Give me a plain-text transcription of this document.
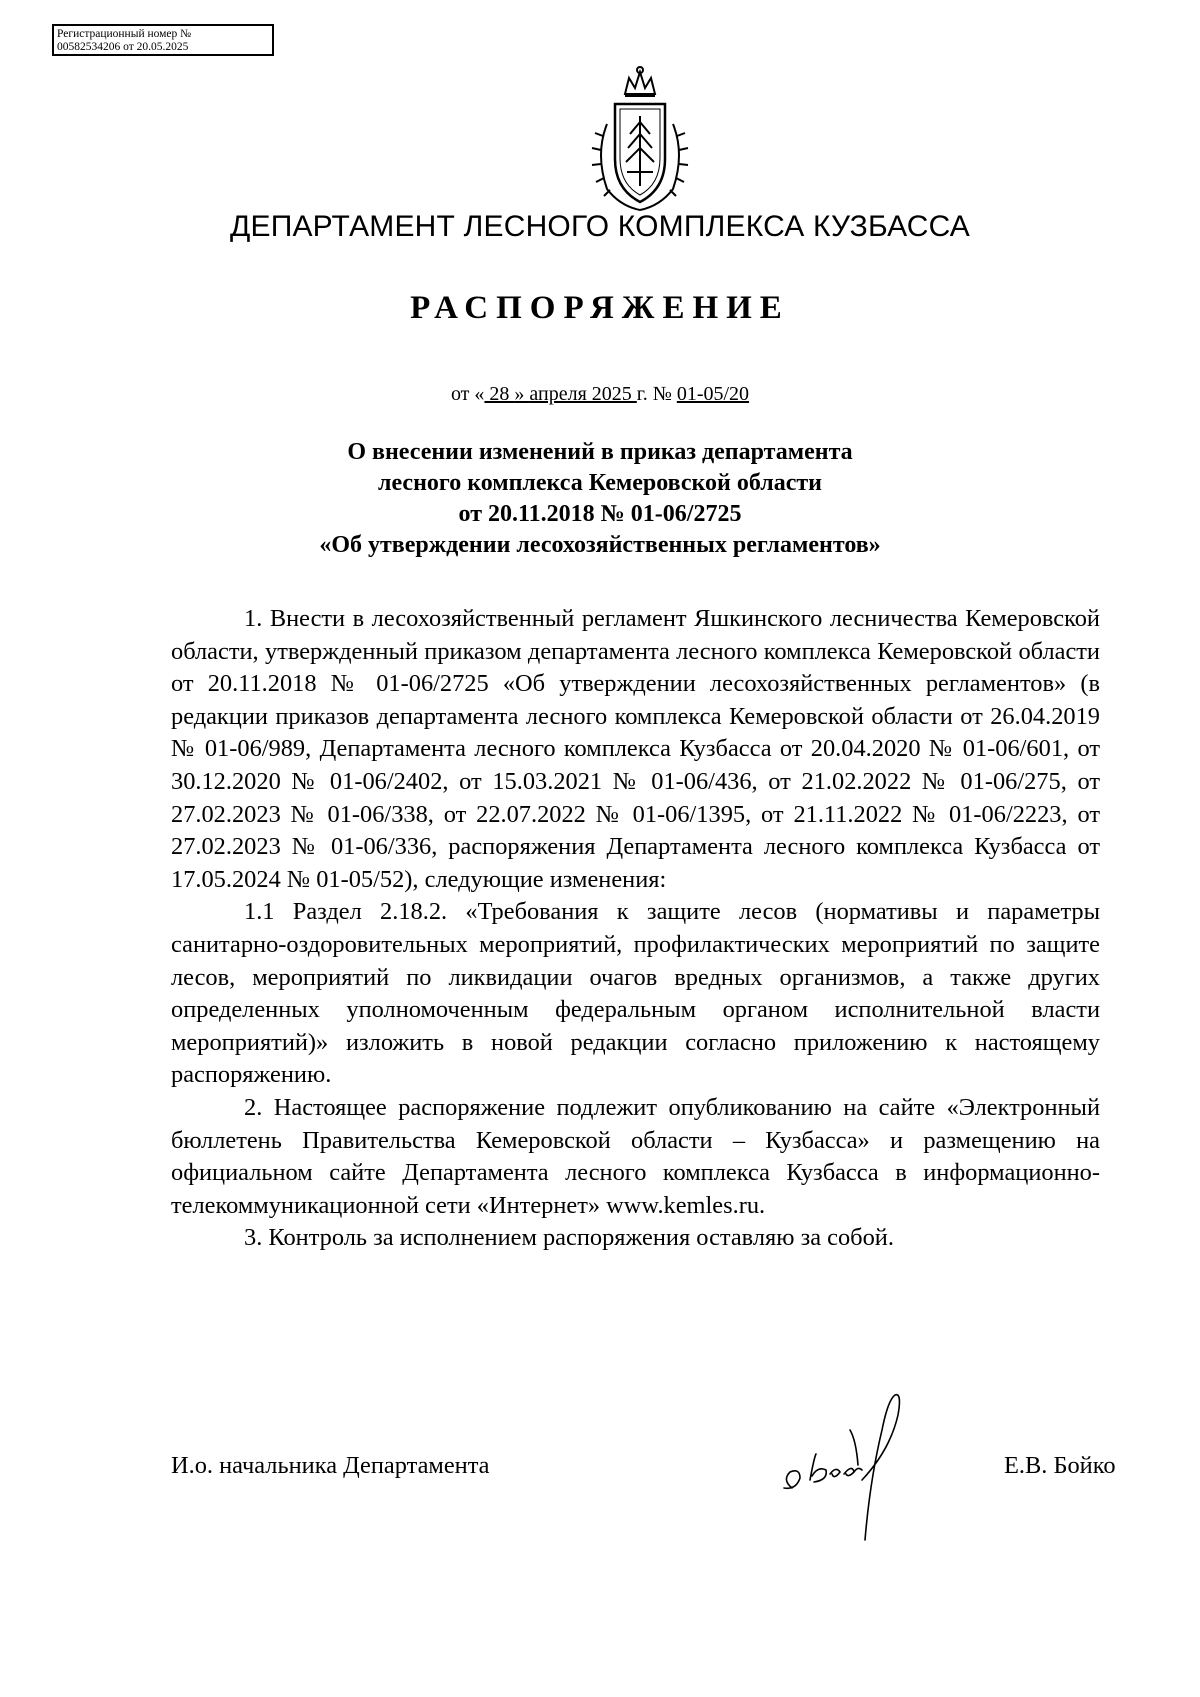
Регистрационный номер №
00582534206 от 20.05.2025
ДЕПАРТАМЕНТ ЛЕСНОГО КОМПЛЕКСА КУЗБАССА
РАСПОРЯЖЕНИЕ
от « 28 » апреля 2025 г. № 01-05/20
О внесении изменений в приказ департамента
лесного комплекса Кемеровской области
от 20.11.2018 № 01-06/2725
«Об утверждении лесохозяйственных регламентов»

1. Внести в лесохозяйственный регламент Яшкинского лесничества Кемеровской области, утвержденный приказом департамента лесного комплекса Кемеровской области от 20.11.2018 № 01-06/2725 «Об утверждении лесохозяйственных регламентов» (в редакции приказов департамента лесного комплекса Кемеровской области от 26.04.2019 № 01-06/989, Департамента лесного комплекса Кузбасса от 20.04.2020 № 01-06/601, от 30.12.2020 № 01-06/2402, от 15.03.2021 № 01-06/436, от 21.02.2022 № 01-06/275, от 27.02.2023 № 01-06/338, от 22.07.2022 № 01-06/1395, от 21.11.2022 № 01-06/2223, от 27.02.2023 № 01-06/336, распоряжения Департамента лесного комплекса Кузбасса от 17.05.2024 № 01-05/52), следующие изменения:

1.1 Раздел 2.18.2. «Требования к защите лесов (нормативы и параметры санитарно-оздоровительных мероприятий, профилактических мероприятий по защите лесов, мероприятий по ликвидации очагов вредных организмов, а также других определенных уполномоченным федеральным органом исполнительной власти мероприятий)» изложить в новой редакции согласно приложению к настоящему распоряжению.

2. Настоящее распоряжение подлежит опубликованию на сайте «Электронный бюллетень Правительства Кемеровской области – Кузбасса» и размещению на официальном сайте Департамента лесного комплекса Кузбасса в информационно-телекоммуникационной сети «Интернет» www.kemles.ru.

3. Контроль за исполнением распоряжения оставляю за собой.

И.о. начальника Департамента	Е.В. Бойко
